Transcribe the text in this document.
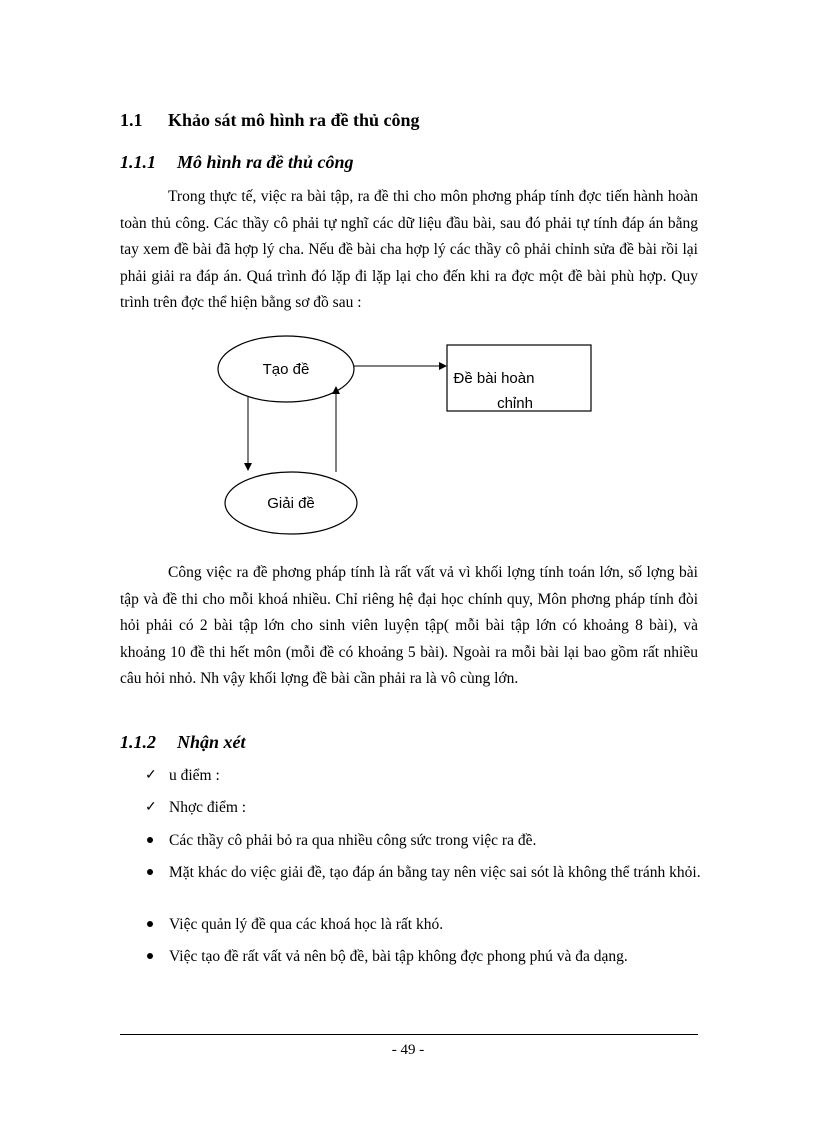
1.1 Khảo sát mô hình ra đề thủ công
1.1.1 Mô hình ra đề thủ công
Trong thực tế, việc ra bài tập, ra đề thi cho môn phơng pháp tính đợc tiến hành hoàn toàn thủ công. Các thầy cô phải tự nghĩ các dữ liệu đầu bài, sau đó phải tự tính đáp án bằng tay xem đề bài đã hợp lý cha. Nếu đề bài cha hợp lý các thầy cô phải chỉnh sửa đề bài rồi lại phải giải ra đáp án. Quá trình đó lặp đi lặp lại cho đến khi ra đợc một đề bài phù hợp. Quy trình trên đợc thể hiện bằng sơ đồ sau :
Tạo đề
Giải đề
Đề bài hoàn
chỉnh
Công việc ra đề phơng pháp tính là rất vất vả vì khối lợng tính toán lớn, số lợng bài tập và đề thi cho mỗi khoá nhiều. Chỉ riêng hệ đại học chính quy, Môn phơng pháp tính đòi hỏi phải có 2 bài tập lớn cho sinh viên luyện tập( mỗi bài tập lớn có khoảng 8 bài), và khoảng 10 đề thi hết môn (mỗi đề có khoảng 5 bài). Ngoài ra mỗi bài lại bao gồm rất nhiều câu hỏi nhỏ. Nh vậy khối lợng đề bài cần phải ra là vô cùng lớn.
1.1.2 Nhận xét
✓ u điểm :
✓ Nhợc điểm :
Các thầy cô phải bỏ ra qua nhiều công sức trong việc ra đề.
Mặt khác do việc giải đề, tạo đáp án bằng tay nên việc sai sót là không thể tránh khỏi.
Việc quản lý đề qua các khoá học là rất khó.
Việc tạo đề rất vất vả nên bộ đề, bài tập không đợc phong phú và đa dạng.
- 49 -
